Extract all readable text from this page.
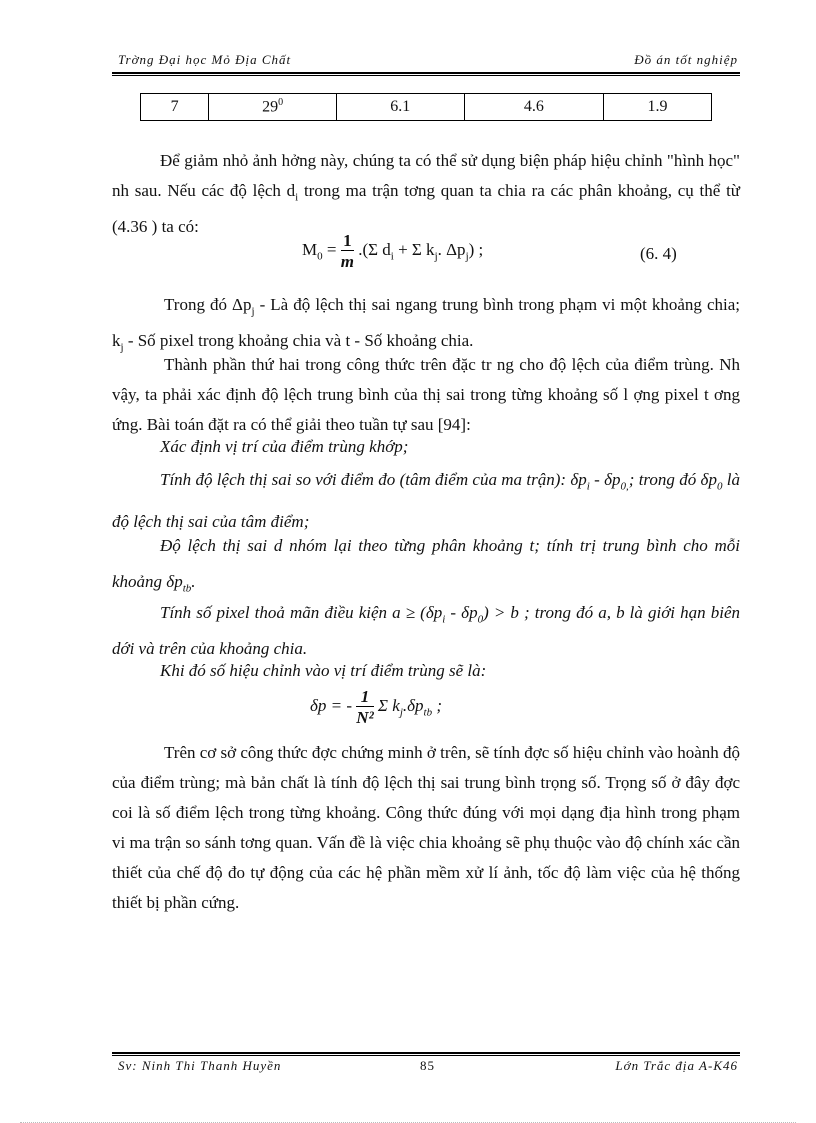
Trờng Đại học Mỏ Địa Chất	Đồ án tốt nghiệp
7	$29^0$	6.1	4.6	1.9
Để giảm nhỏ ảnh hởng này, chúng ta có thể sử dụng biện pháp hiệu chỉnh "hình học" nh sau. Nếu các độ lệch $d_i$ trong ma trận tơng quan ta chia ra các phân khoảng, cụ thể từ (4.36 ) ta có:
$M_0 = \frac{1}{m} .(\Sigma$ $d_i + \Sigma$ $k_j$. $\Delta p_j$) ;	(6. 4)
Trong đó $\Delta p_j$ - Là độ lệch thị sai ngang trung bình trong phạm vi một khoảng chia; $k_j$ - Số pixel trong khoảng chia và t - Số khoảng chia.
Thành phần thứ hai trong công thức trên đặc tr ng cho độ lệch của điểm trùng. Nh vậy, ta phải xác định độ lệch trung bình của thị sai trong từng khoảng số l ợng pixel t ơng ứng. Bài toán đặt ra có thể giải theo tuần tự sau [94]:
Xác định vị trí của điểm trùng khớp;
Tính độ lệch thị sai so với điểm đo (tâm điểm của ma trận): $\delta p_i - \delta p_{0,}$; trong đó $\delta p_0$ là độ lệch thị sai của tâm điểm;
Độ lệch thị sai d nhóm lại theo từng phân khoảng t; tính trị trung bình cho mỗi khoảng $\delta p_{tb}$.
Tính số pixel thoả mãn điều kiện $a \ge (\delta p_i - \delta p_0) > b$ ; trong đó a, b là giới hạn biên dới và trên của khoảng chia.
Khi đó số hiệu chỉnh vào vị trí điểm trùng sẽ là:
δp = - $\frac{1}{\text{N²}}$ Σ $k_j.\delta p_{tb}$ ;
Trên cơ sở công thức đợc chứng minh ở trên, sẽ tính đợc số hiệu chỉnh vào hoành độ của điểm trùng; mà bản chất là tính độ lệch thị sai trung bình trọng số. Trọng số ở đây đợc coi là số điểm lệch trong từng khoảng. Công thức đúng với mọi dạng địa hình trong phạm vi ma trận so sánh tơng quan. Vấn đề là việc chia khoảng sẽ phụ thuộc vào độ chính xác cần thiết của chế độ đo tự động của các hệ phần mềm xử lí ảnh, tốc độ làm việc của hệ thống thiết bị phần cứng.
Sv: Ninh Thi Thanh Huyền	85	Lớn Trắc địa A-K46
